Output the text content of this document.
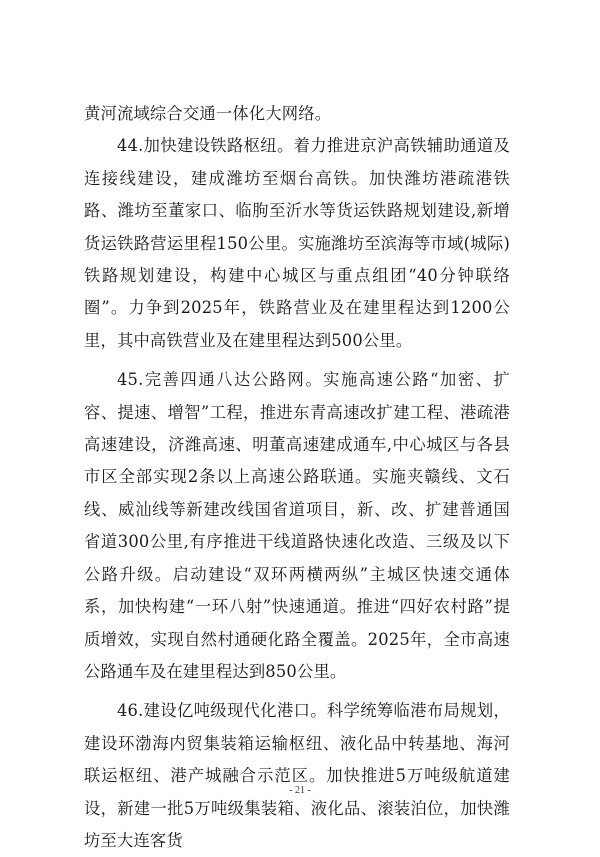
黄河流域综合交通一体化大网络。

44.加快建设铁路枢纽。着力推进京沪高铁辅助通道及连接线建设，建成潍坊至烟台高铁。加快潍坊港疏港铁路、潍坊至董家口、临朐至沂水等货运铁路规划建设,新增货运铁路营运里程150公里。实施潍坊至滨海等市域(城际)铁路规划建设，构建中心城区与重点组团“40分钟联络圈”。力争到2025年，铁路营业及在建里程达到1200公里，其中高铁营业及在建里程达到500公里。

45.完善四通八达公路网。实施高速公路“加密、扩容、提速、增智”工程，推进东青高速改扩建工程、港疏港高速建设，济潍高速、明董高速建成通车,中心城区与各县市区全部实现2条以上高速公路联通。实施夹赣线、文石线、威汕线等新建改线国省道项目，新、改、扩建普通国省道300公里,有序推进干线道路快速化改造、三级及以下公路升级。启动建设“双环两横两纵”主城区快速交通体系，加快构建“一环八射”快速通道。推进“四好农村路”提质增效，实现自然村通硬化路全覆盖。2025年，全市高速公路通车及在建里程达到850公里。

46.建设亿吨级现代化港口。科学统筹临港布局规划，建设环渤海内贸集装箱运输枢纽、液化品中转基地、海河联运枢纽、港产城融合示范区。加快推进5万吨级航道建设，新建一批5万吨级集装箱、液化品、滚装泊位，加快潍坊至大连客货

- 21 -
